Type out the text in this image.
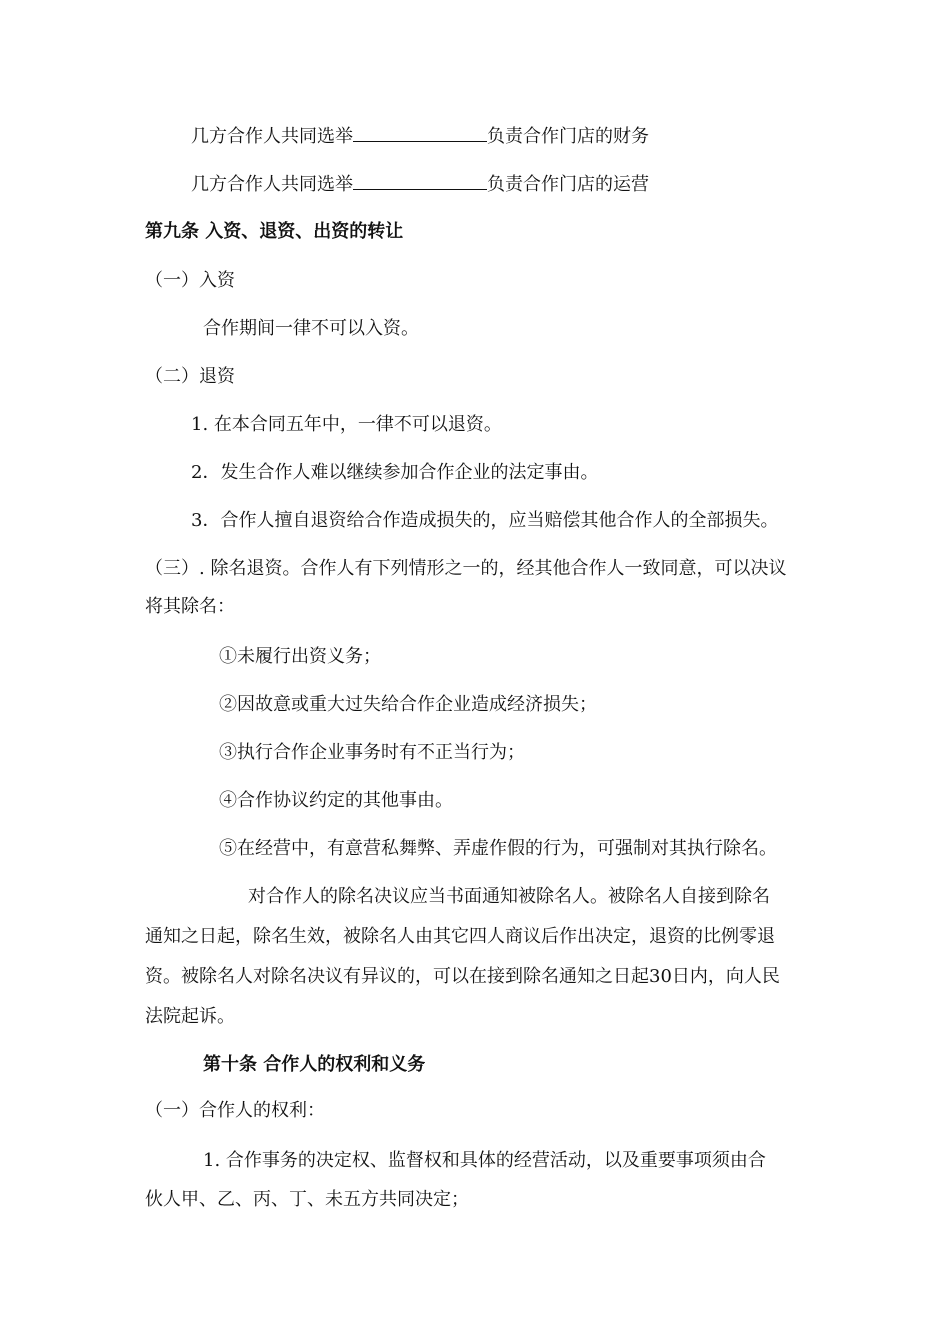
几方合作人共同选举	负责合作门店的财务
几方合作人共同选举	负责合作门店的运营
第九条 入资、退资、出资的转让
（一）入资
合作期间一律不可以入资。
（二）退资
1. 在本合同五年中，一律不可以退资。
2．发生合作人难以继续参加合作企业的法定事由。
3．合作人擅自退资给合作造成损失的，应当赔偿其他合作人的全部损失。
（三）. 除名退资。合作人有下列情形之一的，经其他合作人一致同意，可以决议
将其除名：
①未履行出资义务；
②因故意或重大过失给合作企业造成经济损失；
③执行合作企业事务时有不正当行为；
④合作协议约定的其他事由。
⑤在经营中，有意营私舞弊、弄虚作假的行为，可强制对其执行除名。
对合作人的除名决议应当书面通知被除名人。被除名人自接到除名
通知之日起，除名生效，被除名人由其它四人商议后作出决定，退资的比例零退
资。被除名人对除名决议有异议的，可以在接到除名通知之日起30日内，向人民
法院起诉。
第十条 合作人的权利和义务
（一）合作人的权利：
1. 合作事务的决定权、监督权和具体的经营活动，以及重要事项须由合
伙人甲、乙、丙、丁、未五方共同决定；
